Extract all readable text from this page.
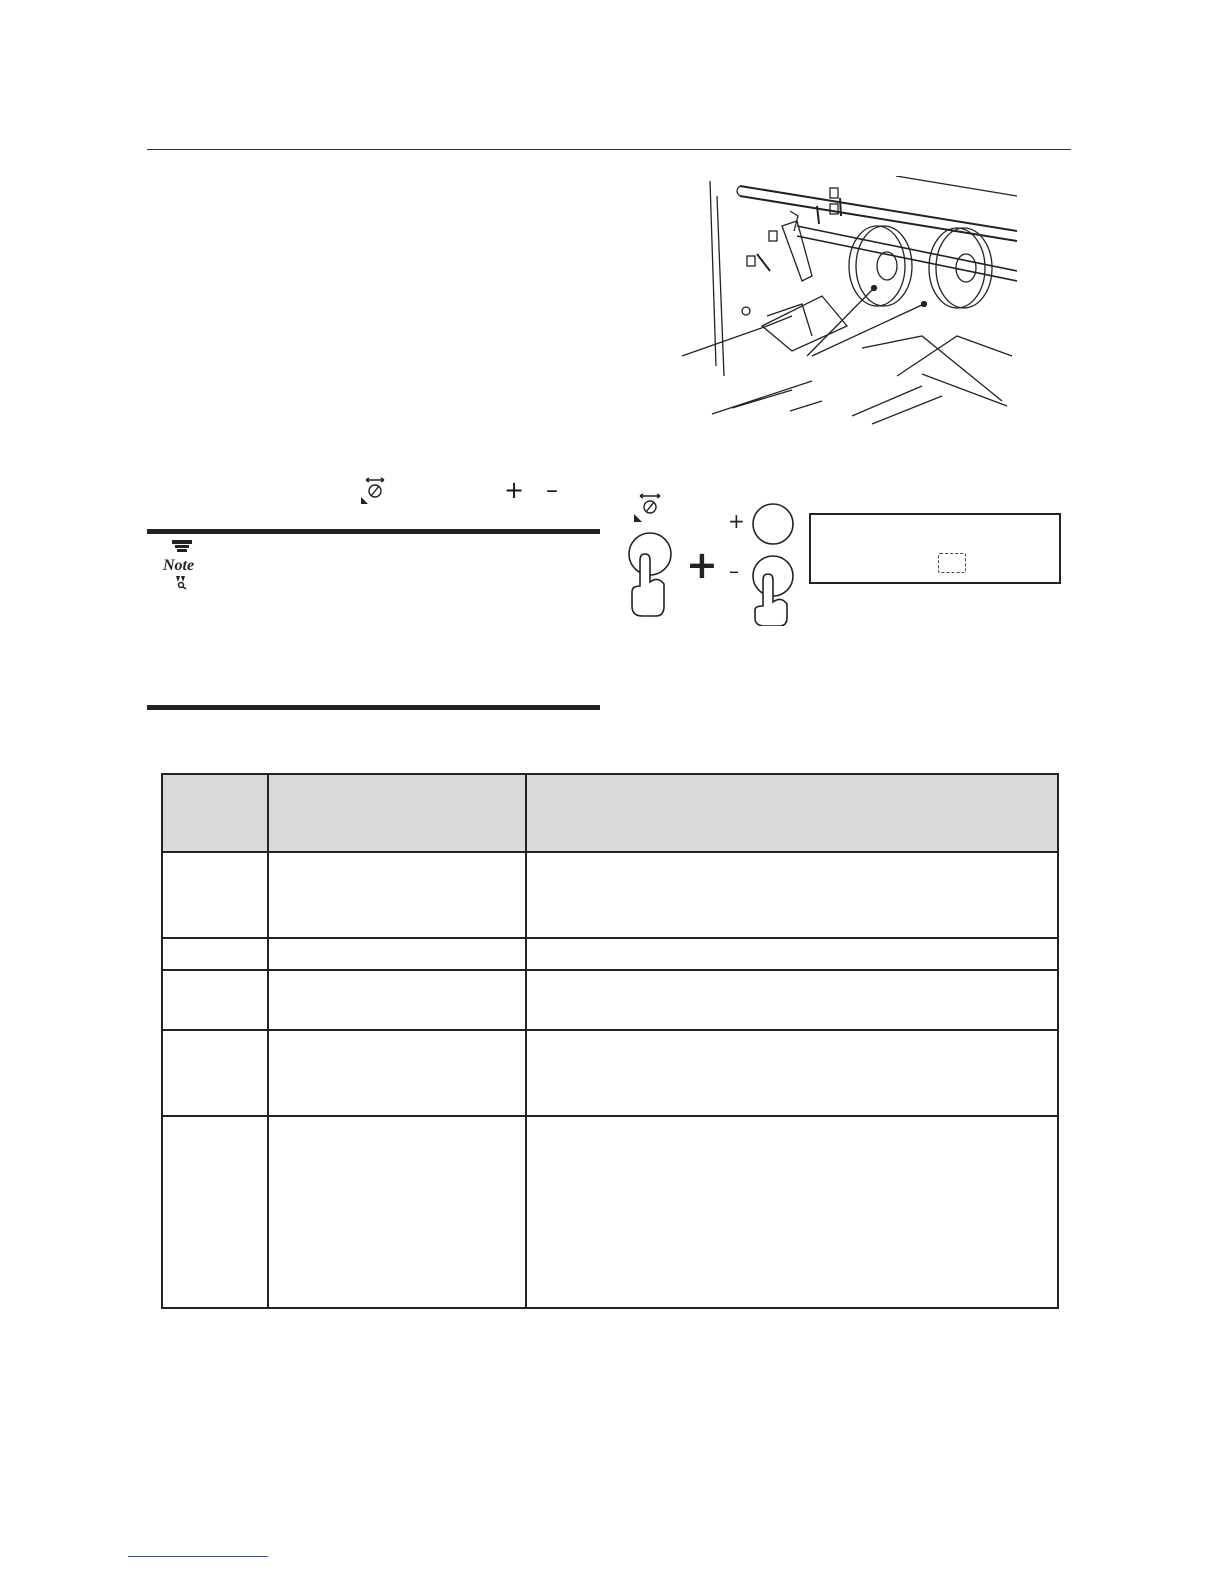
+ –
Note
+
–
+
